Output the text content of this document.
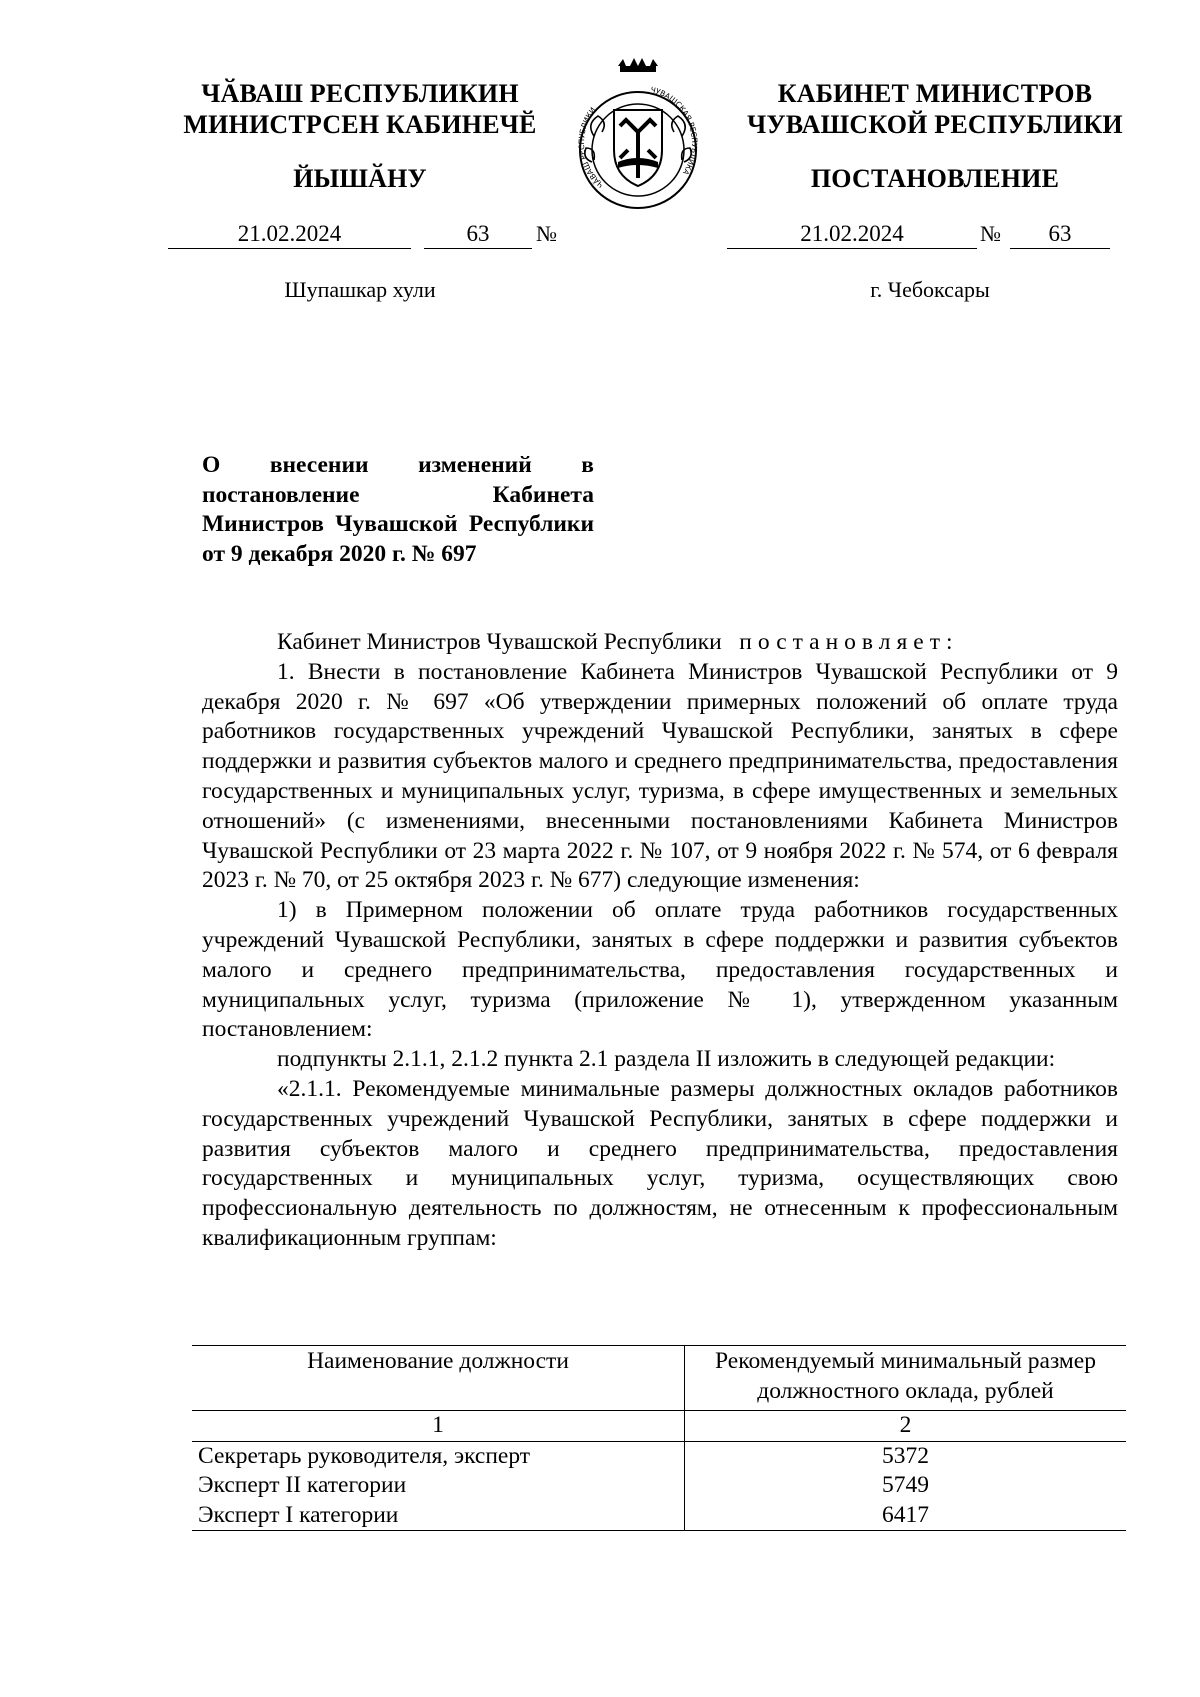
ЧӐВАШ РЕСПУБЛИКИН
МИНИСТРСЕН КАБИНЕЧӖ
ЙЫШӐНУ
КАБИНЕТ МИНИСТРОВ
ЧУВАШСКОЙ РЕСПУБЛИКИ
ПОСТАНОВЛЕНИЕ
ЧĂВАШ РЕСПУБЛИКИ
ЧУВАШСКАЯ РЕСПУБЛИКА
21.02.2024	63	№	21.02.2024	№	63
Шупашкар хули	г. Чебоксары
О внесении изменений в постановление Кабинета Министров Чувашской Республики от 9 декабря 2020 г. № 697

Кабинет Министров Чувашской Республики постановляет:

1. Внести в постановление Кабинета Министров Чувашской Республики от 9 декабря 2020 г. № 697 «Об утверждении примерных положений об оплате труда работников государственных учреждений Чувашской Республики, занятых в сфере поддержки и развития субъектов малого и среднего предпринимательства, предоставления государственных и муниципальных услуг, туризма, в сфере имущественных и земельных отношений» (с изменениями, внесенными постановлениями Кабинета Министров Чувашской Республики от 23 марта 2022 г. № 107, от 9 ноября 2022 г. № 574, от 6 февраля 2023 г. № 70, от 25 октября 2023 г. № 677) следующие изменения:

1) в Примерном положении об оплате труда работников государственных учреждений Чувашской Республики, занятых в сфере поддержки и развития субъектов малого и среднего предпринимательства, предоставления государственных и муниципальных услуг, туризма (приложение № 1), утвержденном указанным постановлением:

подпункты 2.1.1, 2.1.2 пункта 2.1 раздела II изложить в следующей редакции:

«2.1.1. Рекомендуемые минимальные размеры должностных окладов работников государственных учреждений Чувашской Республики, занятых в сфере поддержки и развития субъектов малого и среднего предпринимательства, предоставления государственных и муниципальных услуг, туризма, осуществляющих свою профессиональную деятельность по должностям, не отнесенным к профессиональным квалификационным группам:

Наименование должности	Рекомендуемый минимальный размер должностного оклада, рублей
1	2
Секретарь руководителя, эксперт	5372
Эксперт II категории	5749
Эксперт I категории	6417
